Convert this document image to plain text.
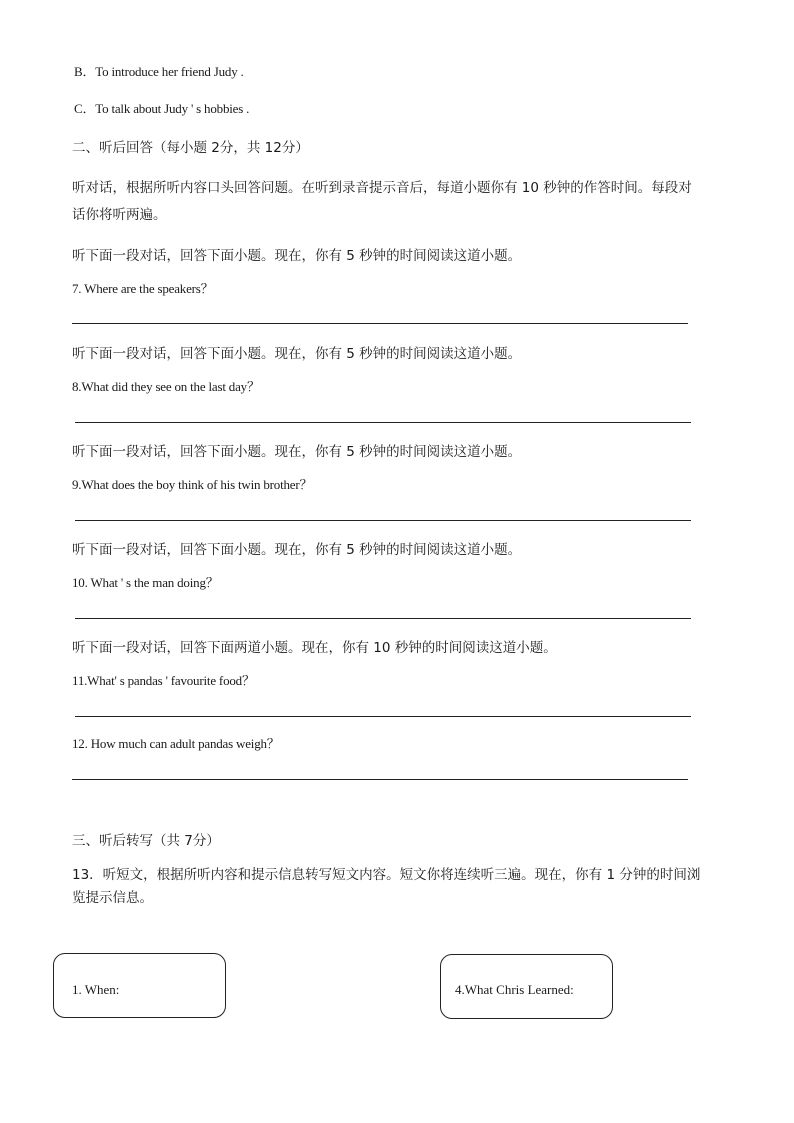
B．To introduce her friend Judy .
C．To talk about Judy ' s hobbies .
二、听后回答（每小题 2分，共 12分）
听对话，根据所听内容口头回答问题。在听到录音提示音后，每道小题你有 10 秒钟的作答时间。每段对
话你将听两遍。
听下面一段对话，回答下面小题。现在，你有 5 秒钟的时间阅读这道小题。
7. Where are the speakers？
听下面一段对话，回答下面小题。现在，你有 5 秒钟的时间阅读这道小题。
8.What did they see on the last day？
听下面一段对话，回答下面小题。现在，你有 5 秒钟的时间阅读这道小题。
9.What does the boy think of his twin brother？
听下面一段对话，回答下面小题。现在，你有 5 秒钟的时间阅读这道小题。
10. What ' s the man doing？
听下面一段对话，回答下面两道小题。现在，你有 10 秒钟的时间阅读这道小题。
11.What' s pandas ' favourite food？
12. How much can adult pandas weigh？
三、听后转写（共 7分）
13．听短文，根据所听内容和提示信息转写短文内容。短文你将连续听三遍。现在，你有 1 分钟的时间浏
览提示信息。
1. When:	4.What Chris Learned:
